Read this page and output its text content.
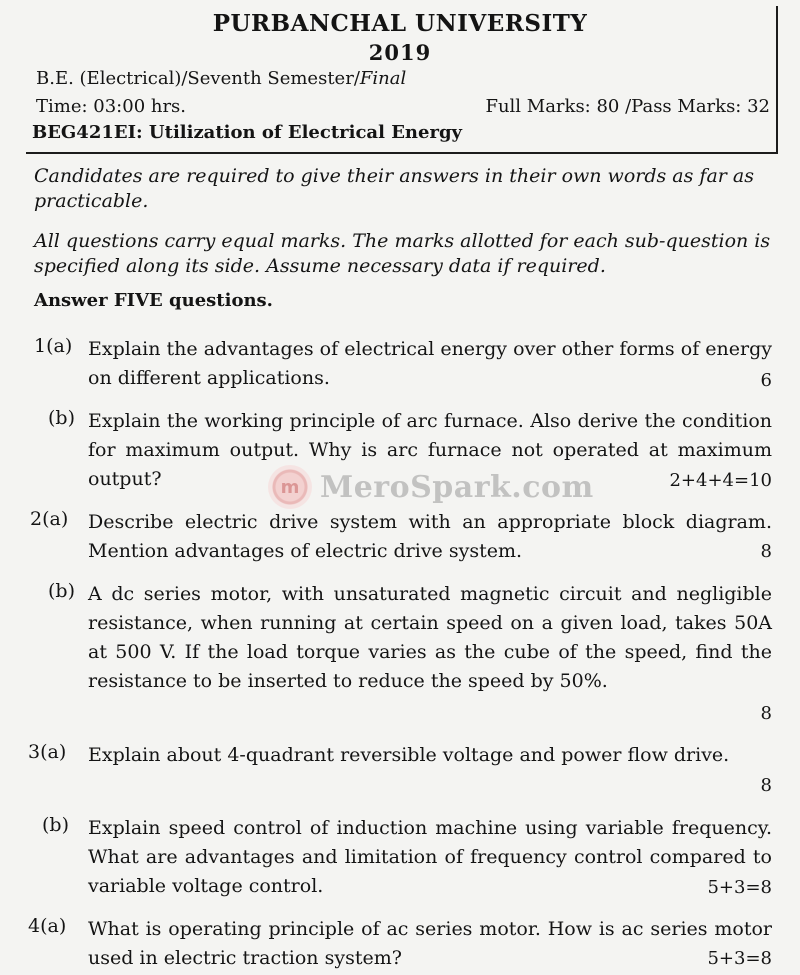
PURBANCHAL UNIVERSITY
2019
B.E. (Electrical)/Seventh Semester/Final
Time: 03:00 hrs.	Full Marks: 80 /Pass Marks: 32
BEG421EI: Utilization of Electrical Energy
Candidates are required to give their answers in their own words as far as practicable.
All questions carry equal marks. The marks allotted for each sub-question is specified along its side. Assume necessary data if required.
Answer FIVE questions.
1(a) Explain the advantages of electrical energy over other forms of energy on different applications.	6
(b) Explain the working principle of arc furnace. Also derive the condition for maximum output. Why is arc furnace not operated at maximum output?	2+4+4=10
m MeroSpark.com
2(a) Describe electric drive system with an appropriate block diagram. Mention advantages of electric drive system.	8
(b) A dc series motor, with unsaturated magnetic circuit and negligible resistance, when running at certain speed on a given load, takes 50A at 500 V. If the load torque varies as the cube of the speed, find the resistance to be inserted to reduce the speed by 50%.
8
3(a) Explain about 4-quadrant reversible voltage and power flow drive.
8
(b) Explain speed control of induction machine using variable frequency. What are advantages and limitation of frequency control compared to variable voltage control.	5+3=8
4(a) What is operating principle of ac series motor. How is ac series motor used in electric traction system?	5+3=8
